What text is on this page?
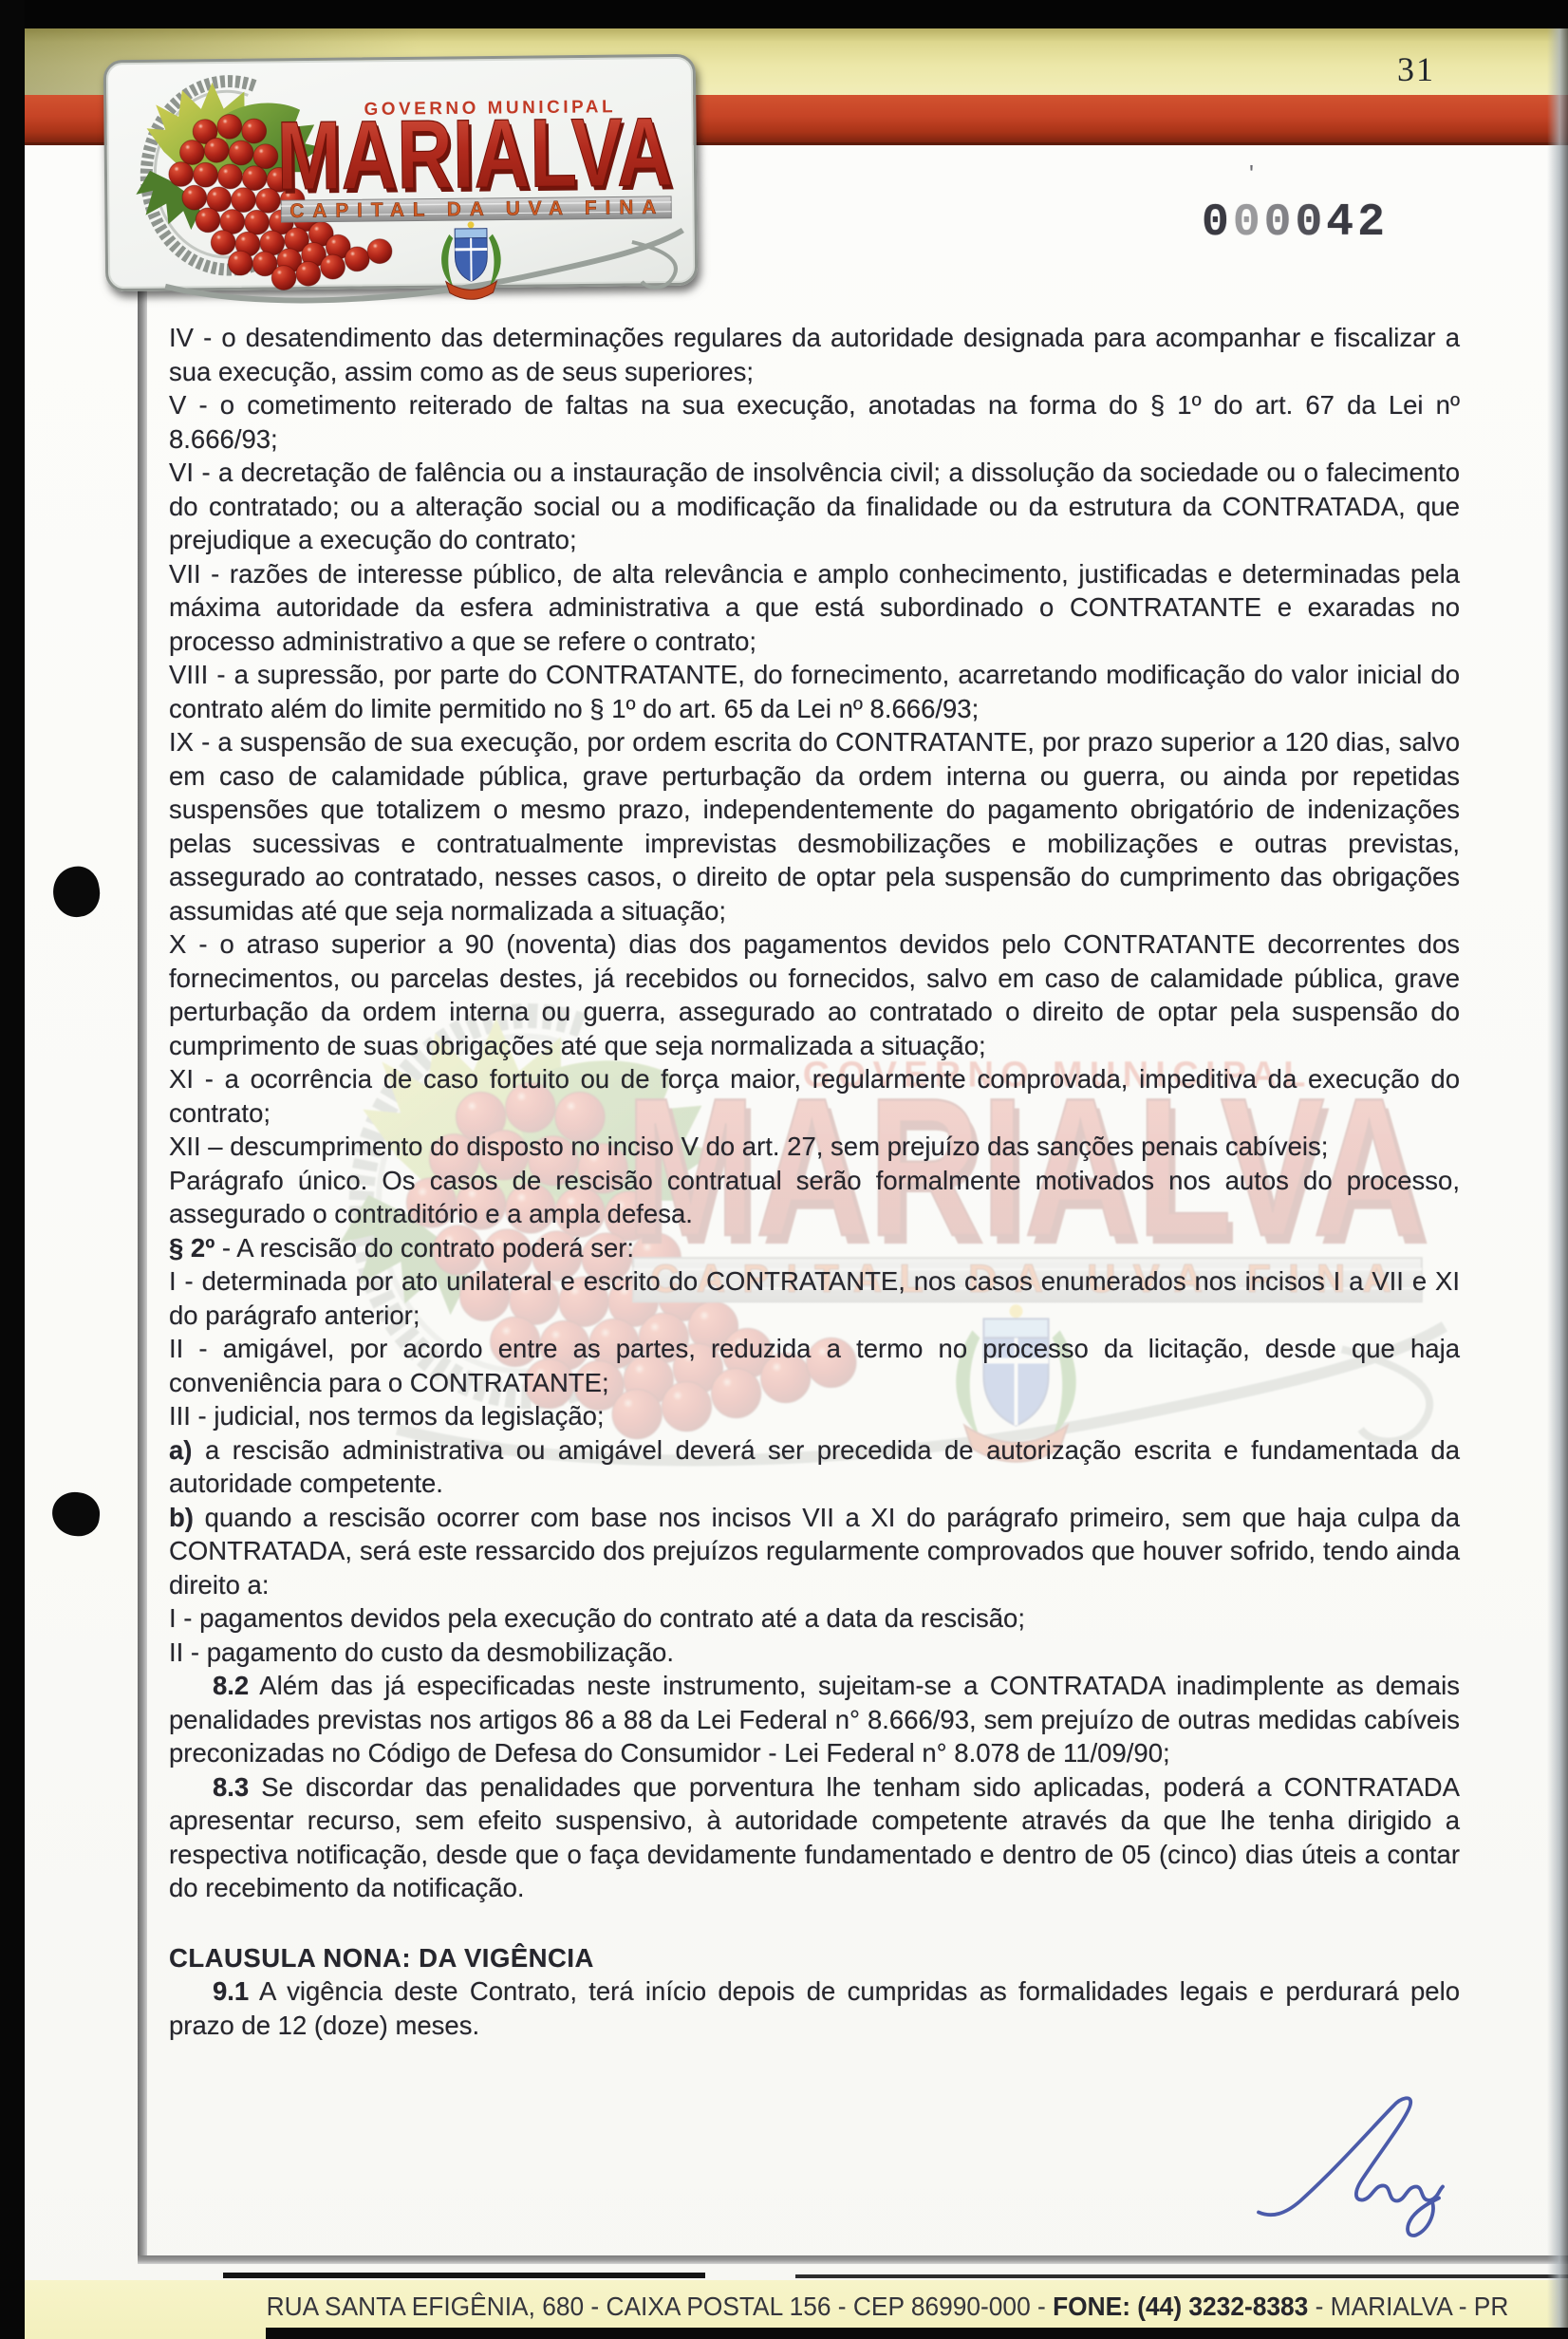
31
'
000042

IV - o desatendimento das determinações regulares da autoridade designada para acompanhar e fiscalizar a sua execução, assim como as de seus superiores;

V - o cometimento reiterado de faltas na sua execução, anotadas na forma do § 1º do art. 67 da Lei nº 8.666/93;

VI - a decretação de falência ou a instauração de insolvência civil; a dissolução da sociedade ou o falecimento do contratado; ou a alteração social ou a modificação da finalidade ou da estrutura da CONTRATADA, que prejudique a execução do contrato;

VII - razões de interesse público, de alta relevância e amplo conhecimento, justificadas e determinadas pela máxima autoridade da esfera administrativa a que está subordinado o CONTRATANTE e exaradas no processo administrativo a que se refere o contrato;

VIII - a supressão, por parte do CONTRATANTE, do fornecimento, acarretando modificação do valor inicial do contrato além do limite permitido no § 1º do art. 65 da Lei nº 8.666/93;

IX - a suspensão de sua execução, por ordem escrita do CONTRATANTE, por prazo superior a 120 dias, salvo em caso de calamidade pública, grave perturbação da ordem interna ou guerra, ou ainda por repetidas suspensões que totalizem o mesmo prazo, independentemente do pagamento obrigatório de indenizações pelas sucessivas e contratualmente imprevistas desmobilizações e mobilizações e outras previstas, assegurado ao contratado, nesses casos, o direito de optar pela suspensão do cumprimento das obrigações assumidas até que seja normalizada a situação;

X - o atraso superior a 90 (noventa) dias dos pagamentos devidos pelo CONTRATANTE decorrentes dos fornecimentos, ou parcelas destes, já recebidos ou fornecidos, salvo em caso de calamidade pública, grave perturbação da ordem interna ou guerra, assegurado ao contratado o direito de optar pela suspensão do cumprimento de suas obrigações até que seja normalizada a situação;

XI - a ocorrência de caso fortuito ou de força maior, regularmente comprovada, impeditiva da execução do contrato;

XII – descumprimento do disposto no inciso V do art. 27, sem prejuízo das sanções penais cabíveis;

Parágrafo único. Os casos de rescisão contratual serão formalmente motivados nos autos do processo, assegurado o contraditório e a ampla defesa.

§ 2º - A rescisão do contrato poderá ser:

I - determinada por ato unilateral e escrito do CONTRATANTE, nos casos enumerados nos incisos I a VII e XI do parágrafo anterior;

II - amigável, por acordo entre as partes, reduzida a termo no processo da licitação, desde que haja conveniência para o CONTRATANTE;

III - judicial, nos termos da legislação;

a) a rescisão administrativa ou amigável deverá ser precedida de autorização escrita e fundamentada da autoridade competente.

b) quando a rescisão ocorrer com base nos incisos VII a XI do parágrafo primeiro, sem que haja culpa da CONTRATADA, será este ressarcido dos prejuízos regularmente comprovados que houver sofrido, tendo ainda direito a:

I - pagamentos devidos pela execução do contrato até a data da rescisão;

II - pagamento do custo da desmobilização.

8.2 Além das já especificadas neste instrumento, sujeitam-se a CONTRATADA inadimplente as demais penalidades previstas nos artigos 86 a 88 da Lei Federal n° 8.666/93, sem prejuízo de outras medidas cabíveis preconizadas no Código de Defesa do Consumidor - Lei Federal n° 8.078 de 11/09/90;

8.3 Se discordar das penalidades que porventura lhe tenham sido aplicadas, poderá a CONTRATADA apresentar recurso, sem efeito suspensivo, à autoridade competente através da que lhe tenha dirigido a respectiva notificação, desde que o faça devidamente fundamentado e dentro de 05 (cinco) dias úteis a contar do recebimento da notificação.

CLAUSULA NONA: DA VIGÊNCIA

9.1 A vigência deste Contrato, terá início depois de cumpridas as formalidades legais e perdurará pelo prazo de 12 (doze) meses.

RUA SANTA EFIGÊNIA, 680 - CAIXA POSTAL 156 - CEP 86990-000 - FONE: (44) 3232-8383 - MARIALVA - PR
